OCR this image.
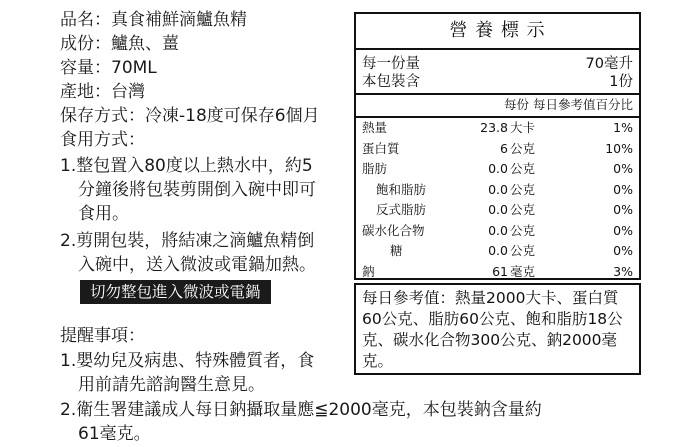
品名：真食補鮮滴鱸魚精
成份：鱸魚、薑
容量：70ML
產地：台灣
保存方式：冷凍-18度可保存6個月
食用方式：
1.整包置入80度以上熱水中，約5
分鐘後將包裝剪開倒入碗中即可
食用。
2.剪開包裝，將結凍之滴鱸魚精倒
入碗中，送入微波或電鍋加熱。
切勿整包進入微波或電鍋
提醒事項：
1.嬰幼兒及病患、特殊體質者，食
用前請先諮詢醫生意見。
2.衛生署建議成人每日鈉攝取量應≦2000毫克，本包裝鈉含量約
61毫克。
營 養 標 示
每一份量	70毫升
本包裝含	1份
每份 每日參考值百分比
熱量	23.8 大卡	1%
蛋白質	6 公克	10%
脂肪	0.0 公克	0%
飽和脂肪	0.0 公克	0%
反式脂肪	0.0 公克	0%
碳水化合物	0.0 公克	0%
糖	0.0 公克	0%
鈉	61 毫克	3%
每日參考值：熱量2000大卡、蛋白質60公克、脂肪60公克、飽和脂肪18公克、碳水化合物300公克、鈉2000毫克。
